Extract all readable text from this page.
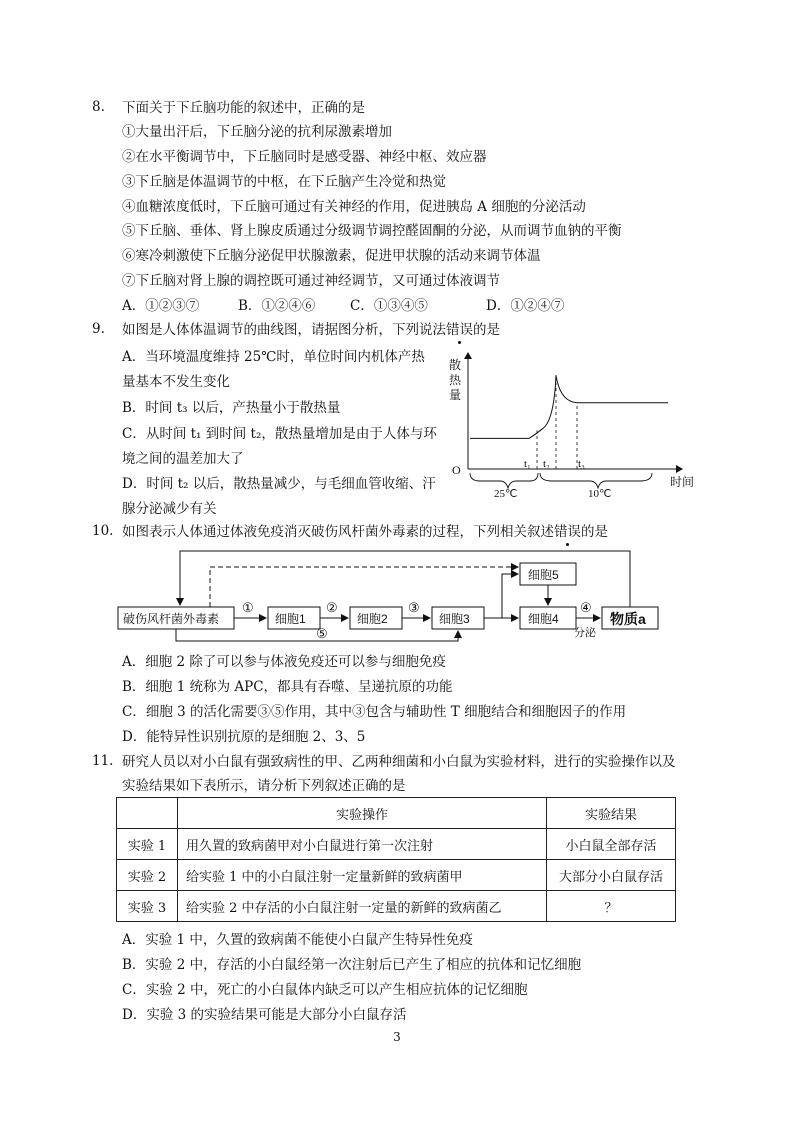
8. 下面关于下丘脑功能的叙述中，正确的是
①大量出汗后，下丘脑分泌的抗利尿激素增加
②在水平衡调节中，下丘脑同时是感受器、神经中枢、效应器
③下丘脑是体温调节的中枢，在下丘脑产生冷觉和热觉
④血糖浓度低时，下丘脑可通过有关神经的作用，促进胰岛 A 细胞的分泌活动
⑤下丘脑、垂体、肾上腺皮质通过分级调节调控醛固酮的分泌，从而调节血钠的平衡
⑥寒冷刺激使下丘脑分泌促甲状腺激素，促进甲状腺的活动来调节体温
⑦下丘脑对肾上腺的调控既可通过神经调节，又可通过体液调节
A．①②③⑦	B．①②④⑥	C．①③④⑤	D．①②④⑦
9. 如图是人体体温调节的曲线图，请据图分析，下列说法错误的是
A．当环境温度维持 25℃时，单位时间内机体产热
量基本不发生变化
B．时间 t₃ 以后，产热量小于散热量
C．从时间 t₁ 到时间 t₂，散热量增加是由于人体与环
境之间的温差加大了
D．时间 t₂ 以后，散热量减少，与毛细血管收缩、汗
腺分泌减少有关
散
热
量
O
时间
t₁ t₂	t₃
25℃	10℃
10. 如图表示人体通过体液免疫消灭破伤风杆菌外毒素的过程，下列相关叙述错误的是
破伤风杆菌外毒素	细胞1	细胞2	细胞3	细胞4
细胞5
物质a
①	②	③	④
⑤	分泌
A．细胞 2 除了可以参与体液免疫还可以参与细胞免疫
B．细胞 1 统称为 APC，都具有吞噬、呈递抗原的功能
C．细胞 3 的活化需要③⑤作用，其中③包含与辅助性 T 细胞结合和细胞因子的作用
D．能特异性识别抗原的是细胞 2、3、5
11. 研究人员以对小白鼠有强致病性的甲、乙两种细菌和小白鼠为实验材料，进行的实验操作以及
实验结果如下表所示，请分析下列叙述正确的是
	实验操作	实验结果
实验 1	用久置的致病菌甲对小白鼠进行第一次注射	小白鼠全部存活
实验 2	给实验 1 中的小白鼠注射一定量新鲜的致病菌甲	大部分小白鼠存活
实验 3	给实验 2 中存活的小白鼠注射一定量的新鲜的致病菌乙	？
A．实验 1 中，久置的致病菌不能使小白鼠产生特异性免疫
B．实验 2 中，存活的小白鼠经第一次注射后已产生了相应的抗体和记忆细胞
C．实验 2 中，死亡的小白鼠体内缺乏可以产生相应抗体的记忆细胞
D．实验 3 的实验结果可能是大部分小白鼠存活
3
